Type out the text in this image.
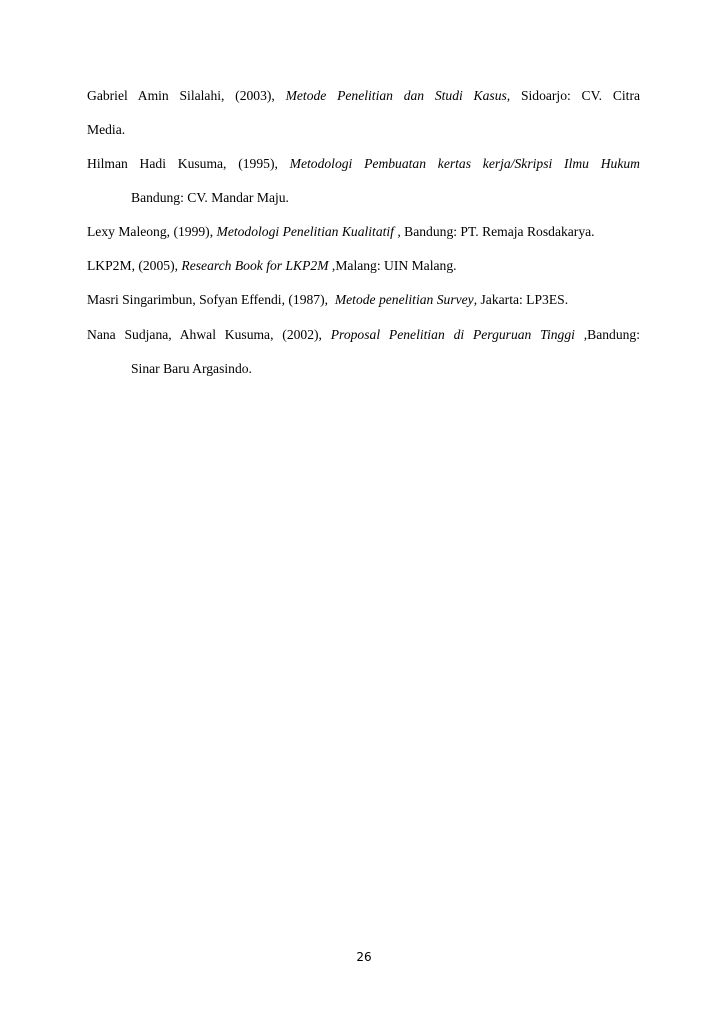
Gabriel Amin Silalahi, (2003), Metode Penelitian dan Studi Kasus, Sidoarjo: CV. Citra
Media.
Hilman Hadi Kusuma, (1995), Metodologi Pembuatan kertas kerja/Skripsi Ilmu Hukum
Bandung: CV. Mandar Maju.
Lexy Maleong, (1999), Metodologi Penelitian Kualitatif , Bandung: PT. Remaja Rosdakarya.
LKP2M, (2005), Research Book for LKP2M ,Malang: UIN Malang.
Masri Singarimbun, Sofyan Effendi, (1987),  Metode penelitian Survey, Jakarta: LP3ES.
Nana Sudjana, Ahwal Kusuma, (2002), Proposal Penelitian di Perguruan Tinggi ,Bandung:
Sinar Baru Argasindo.
26
